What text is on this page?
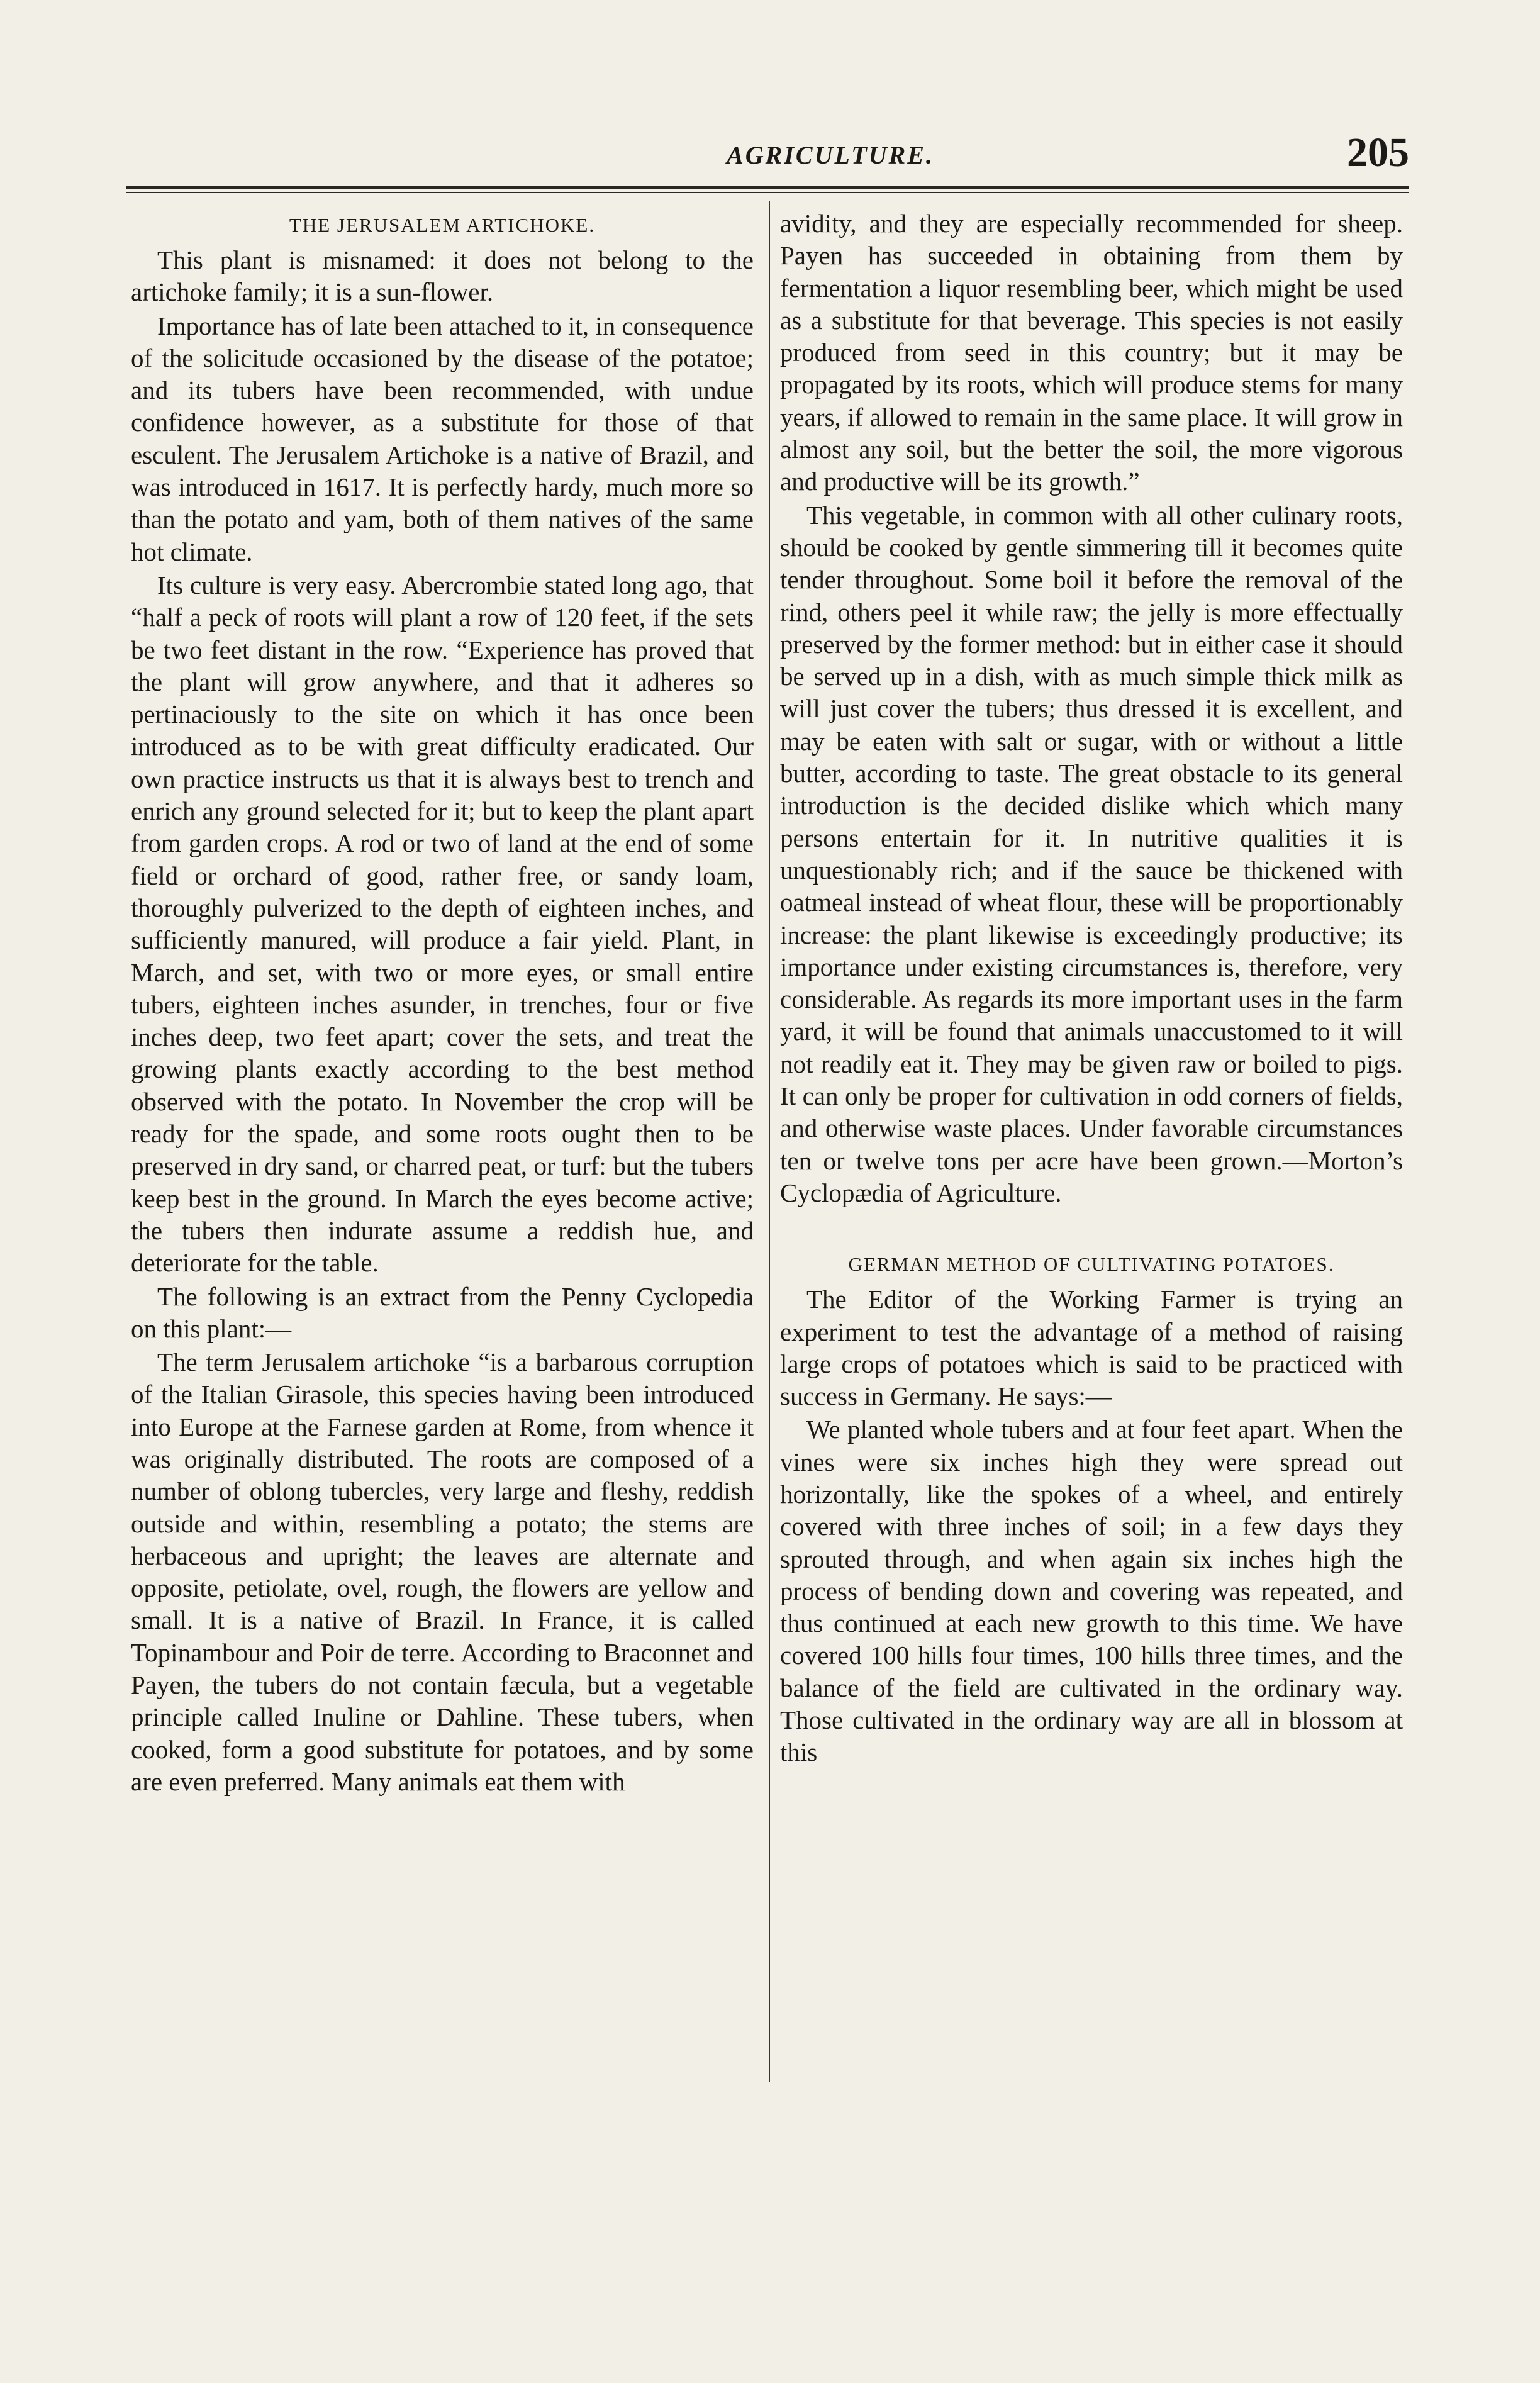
AGRICULTURE.	205
THE JERUSALEM ARTICHOKE.

This plant is misnamed: it does not belong to the artichoke family; it is a sun-flower.

Importance has of late been attached to it, in consequence of the solicitude occasioned by the disease of the potatoe; and its tubers have been recommended, with undue confidence however, as a substitute for those of that esculent. The Jerusalem Artichoke is a native of Brazil, and was introduced in 1617. It is perfectly hardy, much more so than the potato and yam, both of them natives of the same hot climate.

Its culture is very easy. Abercrombie stated long ago, that “half a peck of roots will plant a row of 120 feet, if the sets be two feet distant in the row. “Experience has proved that the plant will grow anywhere, and that it adheres so pertinaciously to the site on which it has once been introduced as to be with great difficulty eradicated. Our own practice instructs us that it is always best to trench and enrich any ground selected for it; but to keep the plant apart from garden crops. A rod or two of land at the end of some field or orchard of good, rather free, or sandy loam, thoroughly pulverized to the depth of eighteen inches, and sufficiently manured, will produce a fair yield. Plant, in March, and set, with two or more eyes, or small entire tubers, eighteen inches asunder, in trenches, four or five inches deep, two feet apart; cover the sets, and treat the growing plants exactly according to the best method observed with the potato. In November the crop will be ready for the spade, and some roots ought then to be preserved in dry sand, or charred peat, or turf: but the tubers keep best in the ground. In March the eyes become active; the tubers then indurate assume a reddish hue, and deteriorate for the table.

The following is an extract from the Penny Cyclopedia on this plant:—

The term Jerusalem artichoke “is a barbarous corruption of the Italian Girasole, this species having been introduced into Europe at the Farnese garden at Rome, from whence it was originally distributed. The roots are composed of a number of oblong tubercles, very large and fleshy, reddish outside and within, resembling a potato; the stems are herbaceous and upright; the leaves are alternate and opposite, petiolate, ovel, rough, the flowers are yellow and small. It is a native of Brazil. In France, it is called Topinambour and Poir de terre. According to Braconnet and Payen, the tubers do not contain fæcula, but a vegetable principle called Inuline or Dahline. These tubers, when cooked, form a good substitute for potatoes, and by some are even preferred. Many animals eat them with

avidity, and they are especially recommended for sheep. Payen has succeeded in obtaining from them by fermentation a liquor resembling beer, which might be used as a substitute for that beverage. This species is not easily produced from seed in this country; but it may be propagated by its roots, which will produce stems for many years, if allowed to remain in the same place. It will grow in almost any soil, but the better the soil, the more vigorous and productive will be its growth.”

This vegetable, in common with all other culinary roots, should be cooked by gentle simmering till it becomes quite tender throughout. Some boil it before the removal of the rind, others peel it while raw; the jelly is more effectually preserved by the former method: but in either case it should be served up in a dish, with as much simple thick milk as will just cover the tubers; thus dressed it is excellent, and may be eaten with salt or sugar, with or without a little butter, according to taste. The great obstacle to its general introduction is the decided dislike which which many persons entertain for it. In nutritive qualities it is unquestionably rich; and if the sauce be thickened with oatmeal instead of wheat flour, these will be proportionably increase: the plant likewise is exceedingly productive; its importance under existing circumstances is, therefore, very considerable. As regards its more important uses in the farm yard, it will be found that animals unaccustomed to it will not readily eat it. They may be given raw or boiled to pigs. It can only be proper for cultivation in odd corners of fields, and otherwise waste places. Under favorable circumstances ten or twelve tons per acre have been grown.—Morton’s Cyclopædia of Agriculture.

GERMAN METHOD OF CULTIVATING POTATOES.

The Editor of the Working Farmer is trying an experiment to test the advantage of a method of raising large crops of potatoes which is said to be practiced with success in Germany. He says:—

We planted whole tubers and at four feet apart. When the vines were six inches high they were spread out horizontally, like the spokes of a wheel, and entirely covered with three inches of soil; in a few days they sprouted through, and when again six inches high the process of bending down and covering was repeated, and thus continued at each new growth to this time. We have covered 100 hills four times, 100 hills three times, and the balance of the field are cultivated in the ordinary way. Those cultivated in the ordinary way are all in blossom at this
